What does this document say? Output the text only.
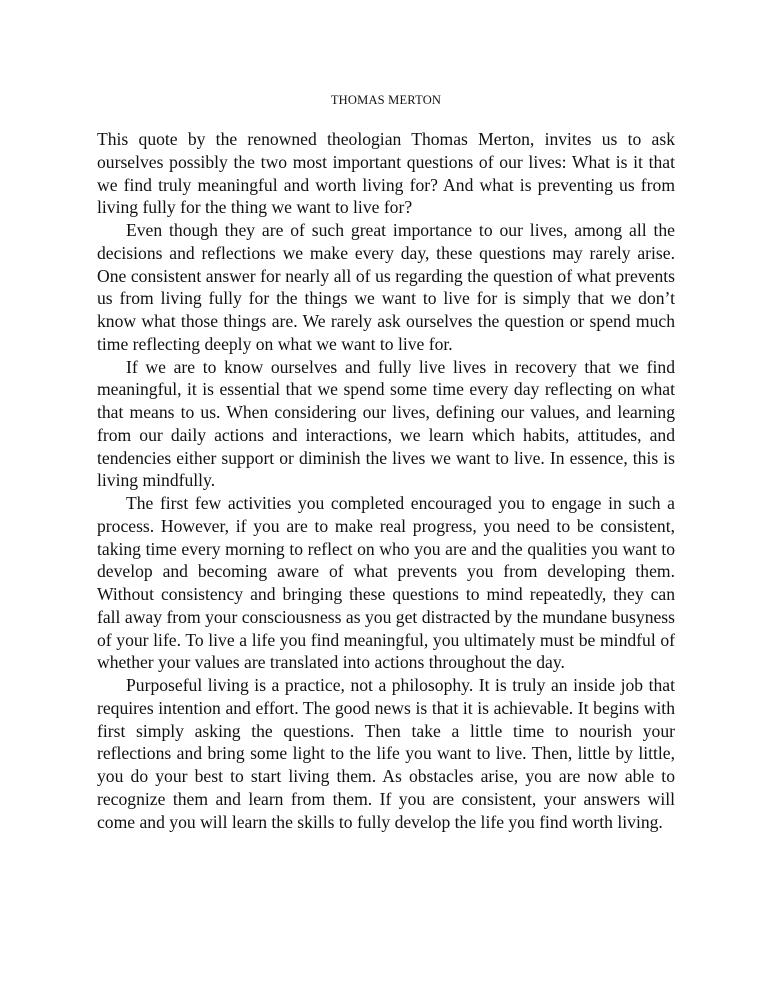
THOMAS MERTON

This quote by the renowned theologian Thomas Merton, invites us to ask ourselves possibly the two most important questions of our lives: What is it that we find truly meaningful and worth living for? And what is preventing us from living fully for the thing we want to live for?

Even though they are of such great importance to our lives, among all the decisions and reflections we make every day, these questions may rarely arise. One consistent answer for nearly all of us regarding the question of what prevents us from living fully for the things we want to live for is simply that we don’t know what those things are. We rarely ask ourselves the question or spend much time reflecting deeply on what we want to live for.

If we are to know ourselves and fully live lives in recovery that we find meaningful, it is essential that we spend some time every day reflecting on what that means to us. When considering our lives, defining our values, and learning from our daily actions and interactions, we learn which habits, attitudes, and tendencies either support or diminish the lives we want to live. In essence, this is living mindfully.

The first few activities you completed encouraged you to engage in such a process. However, if you are to make real progress, you need to be consistent, taking time every morning to reflect on who you are and the qualities you want to develop and becoming aware of what prevents you from developing them. Without consistency and bringing these questions to mind repeatedly, they can fall away from your consciousness as you get distracted by the mundane busyness of your life. To live a life you find meaningful, you ultimately must be mindful of whether your values are translated into actions throughout the day.

Purposeful living is a practice, not a philosophy. It is truly an inside job that requires intention and effort. The good news is that it is achievable. It begins with first simply asking the questions. Then take a little time to nourish your reflections and bring some light to the life you want to live. Then, little by little, you do your best to start living them. As obstacles arise, you are now able to recognize them and learn from them. If you are consistent, your answers will come and you will learn the skills to fully develop the life you find worth living.
